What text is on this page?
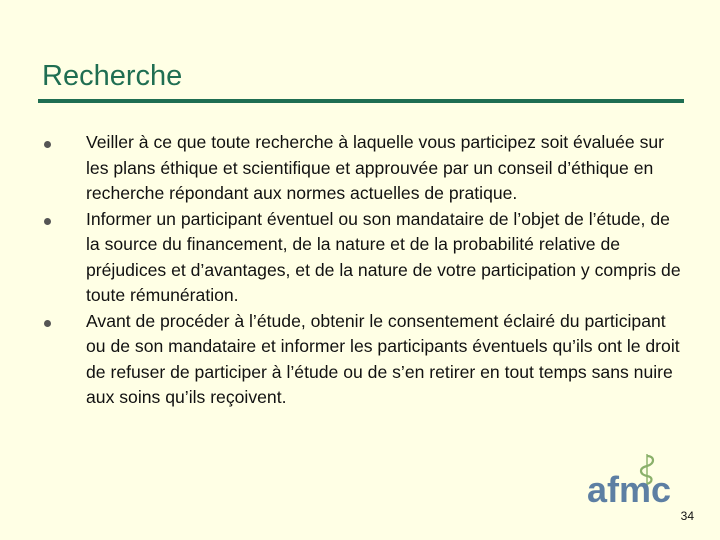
Recherche
Veiller à ce que toute recherche à laquelle vous participez soit évaluée sur les plans éthique et scientifique et approuvée par un conseil d’éthique en recherche répondant aux normes actuelles de pratique.
Informer un participant éventuel ou son mandataire de l’objet de l’étude, de la source du financement, de la nature et de la probabilité relative de préjudices et d’avantages, et de la nature de votre participation y compris de toute rémunération.
Avant de procéder à l’étude, obtenir le consentement éclairé du participant ou de son mandataire et informer les participants éventuels qu’ils ont le droit de refuser de participer à l’étude ou de s’en retirer en tout temps sans nuire aux soins qu’ils reçoivent.
afmc
34
